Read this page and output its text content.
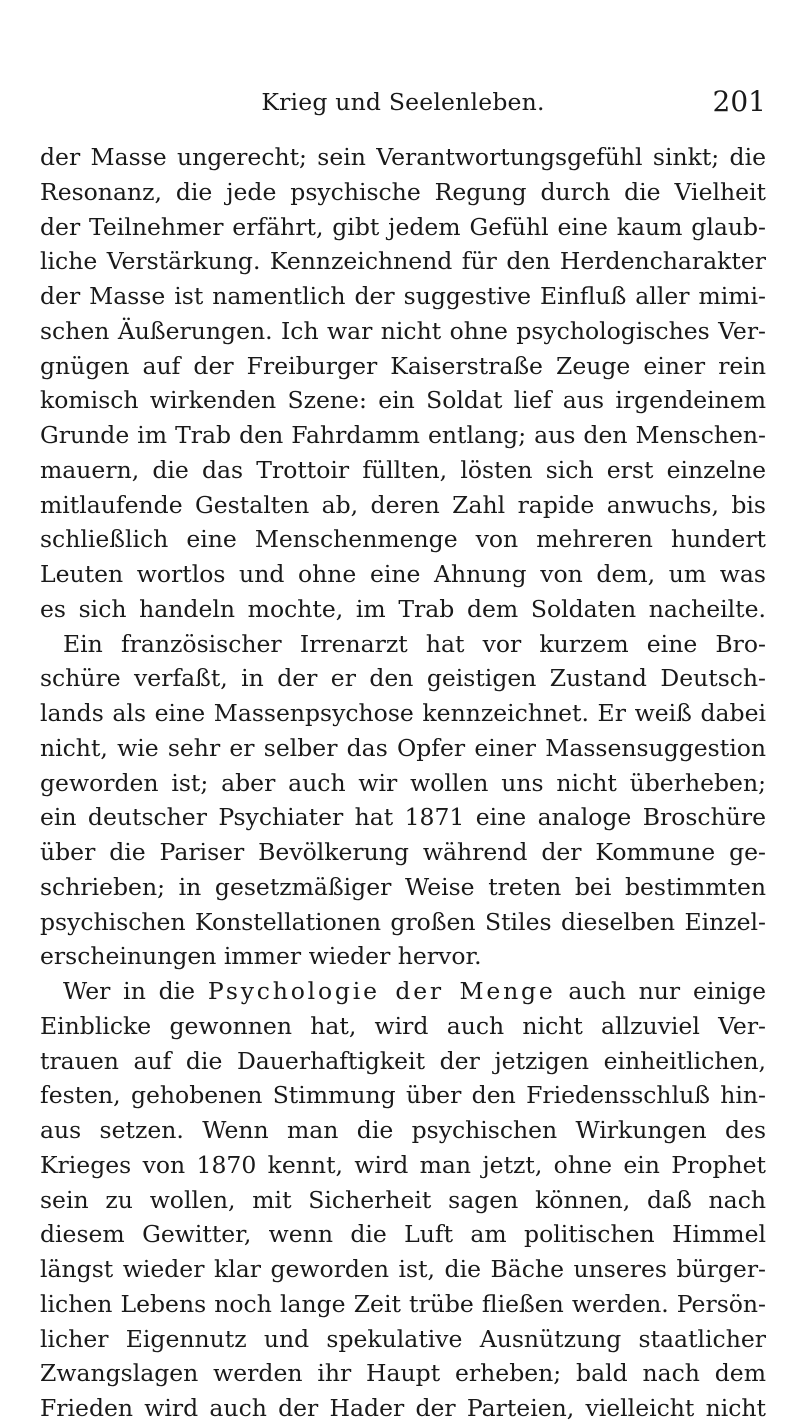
Krieg und Seelenleben.	201
der Masse ungerecht; sein Verantwortungsgefühl sinkt; die
Resonanz, die jede psychische Regung durch die Vielheit
der Teilnehmer erfährt, gibt jedem Gefühl eine kaum glaub-
liche Verstärkung. Kennzeichnend für den Herdencharakter
der Masse ist namentlich der suggestive Einfluß aller mimi-
schen Äußerungen. Ich war nicht ohne psychologisches Ver-
gnügen auf der Freiburger Kaiserstraße Zeuge einer rein
komisch wirkenden Szene: ein Soldat lief aus irgendeinem
Grunde im Trab den Fahrdamm entlang; aus den Menschen-
mauern, die das Trottoir füllten, lösten sich erst einzelne
mitlaufende Gestalten ab, deren Zahl rapide anwuchs, bis
schließlich eine Menschenmenge von mehreren hundert
Leuten wortlos und ohne eine Ahnung von dem, um was
es sich handeln mochte, im Trab dem Soldaten nacheilte.
Ein französischer Irrenarzt hat vor kurzem eine Bro-
schüre verfaßt, in der er den geistigen Zustand Deutsch-
lands als eine Massenpsychose kennzeichnet. Er weiß dabei
nicht, wie sehr er selber das Opfer einer Massensuggestion
geworden ist; aber auch wir wollen uns nicht überheben;
ein deutscher Psychiater hat 1871 eine analoge Broschüre
über die Pariser Bevölkerung während der Kommune ge-
schrieben; in gesetzmäßiger Weise treten bei bestimmten
psychischen Konstellationen großen Stiles dieselben Einzel-
erscheinungen immer wieder hervor.
Wer in die Psychologie der Menge auch nur einige
Einblicke gewonnen hat, wird auch nicht allzuviel Ver-
trauen auf die Dauerhaftigkeit der jetzigen einheitlichen,
festen, gehobenen Stimmung über den Friedensschluß hin-
aus setzen. Wenn man die psychischen Wirkungen des
Krieges von 1870 kennt, wird man jetzt, ohne ein Prophet
sein zu wollen, mit Sicherheit sagen können, daß nach
diesem Gewitter, wenn die Luft am politischen Himmel
längst wieder klar geworden ist, die Bäche unseres bürger-
lichen Lebens noch lange Zeit trübe fließen werden. Persön-
licher Eigennutz und spekulative Ausnützung staatlicher
Zwangslagen werden ihr Haupt erheben; bald nach dem
Frieden wird auch der Hader der Parteien, vielleicht nicht
